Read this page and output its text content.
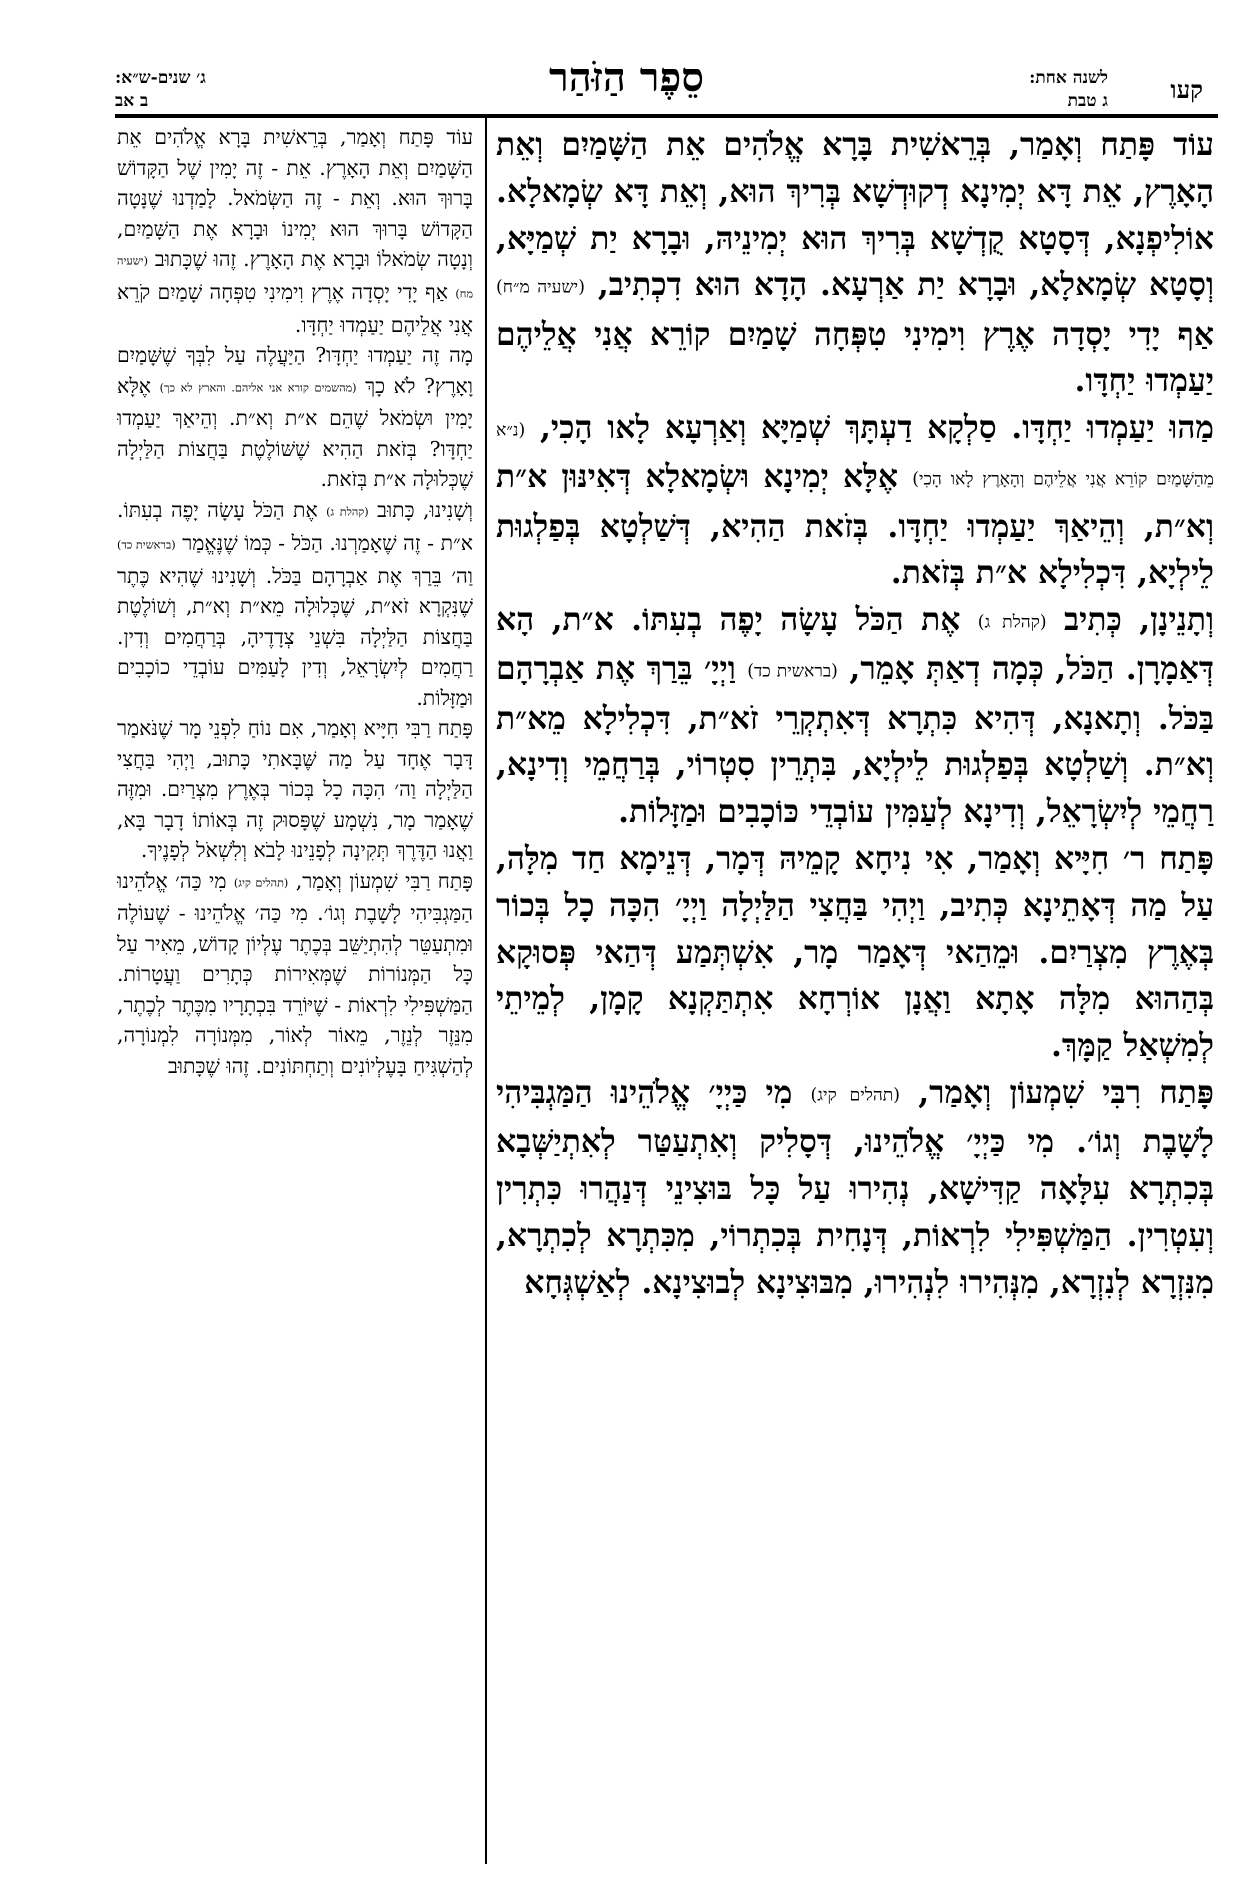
קעו
לשנה אחת:
ג טבת
סֵפֶר הַזֹּהַר
ג׳ שנים-ש״א:
ב אב

עוֹד פָּתַח וְאָמַר, בְּרֵאשִׁית בָּרָא אֱלֹהִים אֵת הַשָּׁמַיִם וְאֵת הָאָרֶץ, אֵת דָּא יְמִינָא דְקוּדְשָׁא בְּרִיךְ הוּא, וְאֵת דָּא שְׂמָאלָא. אוֹלִיפְנָא, דְּסָטָא קֻדְשָׁא בְּרִיךְ הוּא יְמִינֵיהּ, וּבָרָא יַת שְׁמַיָּא, וְסָטָא שְׂמָאלָא, וּבָרָא יַת אַרְעָא. הָדָא הוּא דִכְתִיב, (ישעיה מ״ח) אַף יָדִי יָסְדָה אֶרֶץ וִימִינִי טִפְּחָה שָׁמַיִם קוֹרֵא אֲנִי אֲלֵיהֶם יַעַמְדוּ יַחְדָּו.

מַהוּ יַעַמְדוּ יַחְדָּו. סַלְקָא דַעְתָּךְ שְׁמַיָּא וְאַרְעָא לָאו הָכִי, (נ״א מֵהַשָּׁמַיִם קוֹרֵא אֲנִי אֲלֵיהֶם וְהָאָרֶץ לָאו הָכִי) אֶלָּא יְמִינָא וּשְׂמָאלָא דְּאִינּוּן א״ת וְא״ת, וְהֵיאַךְ יַעַמְדוּ יַחְדָּו. בְּזֹאת הַהִיא, דְּשַׁלְטָא בְּפַלְגוּת לֵילְיָא, דִּכְלִילָא א״ת בְּזֹאת.

וְתָנֵינָן, כְּתִיב (קהלת ג) אֶת הַכֹּל עָשָׂה יָפֶה בְעִתּוֹ. א״ת, הָא דְּאַמָרָן. הַכֹּל, כְּמָה דְאַתְּ אָמֵר, (בראשית כד) וַיְיָ׳ בֵּרַךְ אֶת אַבְרָהָם בַּכֹּל. וְתָאנָא, דְּהִיא כִּתְרָא דְּאִתְקְרֵי זֹא״ת, דִּכְלִילָא מֵא״ת וְא״ת. וְשַׁלְטָא בְּפַלְגוּת לֵילְיָא, בִּתְרֵין סִטְרוֹי, בְּרַחֲמֵי וְדִינָא, רַחֲמֵי לְיִשְׂרָאֵל, וְדִינָא לְעַמִּין עוֹבְדֵי כּוֹכָבִים וּמַזָּלוֹת.

פָּתַח ר׳ חִיָּיא וְאָמַר, אִי נִיחָא קָמֵיהּ דְּמָר, דְּנֵימָא חַד מִלָּה, עַל מַה דְּאָתֵינָא כְּתִיב, וַיְהִי בַּחֲצִי הַלַּיְלָה וַיְיָ׳ הִכָּה כָל בְּכוֹר בְּאֶרֶץ מִצְרַיִם. וּמֵהַאי דְּאָמַר מָר, אִשְׁתְּמַע דְּהַאי פְּסוּקָא בְּהַהוּא מִלָּה אָתָא וַאֲנָן אוֹרְחָא אִתְתַּקְנָא קָמָן, לְמֵיתֵי לְמִשְׁאַל קַמָּךְ.

פָּתַח רִבִּי שִׁמְעוֹן וְאָמַר, (תהלים קיג) מִי כַּיְיָ׳ אֱלֹהֵינוּ הַמַּגְבִּיהִי לָשָׁבֶת וְגוֹ׳. מִי כַּיְיָ׳ אֱלֹהֵינוּ, דְּסָלִיק וְאִתְעַטַּר לְאִתְיַשְּׁבָא בְּכִתְרָא עִלָּאָה קַדִּישָׁא, נְהִירוּ עַל כָּל בּוּצִינֵי דְּנַהֲרוּ כִּתְרִין וְעִטְרִין. הַמַּשְׁפִּילִי לִרְאוֹת, דְּנָחִית בְּכִתְרוֹי, מִכִּתְרָא לְכִתְרָא, מִנִּזְרָא לְנִזְרָא, מִנְּהִירוּ לִנְהִירוּ, מִבּוּצִינָא לְבוּצִינָא. לְאַשְׁגְּחָא

עוֹד פָּתַח וְאָמַר, בְּרֵאשִׁית בָּרָא אֱלֹהִים אֵת הַשָּׁמַיִם וְאֵת הָאָרֶץ. אֵת - זֶה יָמִין שֶׁל הַקָּדוֹשׁ בָּרוּךְ הוּא. וְאֵת - זֶה הַשְּׂמֹאל. לָמַדְנוּ שֶׁנָּטָה הַקָּדוֹשׁ בָּרוּךְ הוּא יְמִינוֹ וּבָרָא אֶת הַשָּׁמַיִם, וְנָטָה שְׂמֹאלוֹ וּבָרָא אֶת הָאָרֶץ. זֶהוּ שֶׁכָּתוּב (ישעיה מח) אַף יָדִי יָסְדָה אֶרֶץ וִימִינִי טִפְּחָה שָׁמַיִם קֹרֵא אֲנִי אֲלֵיהֶם יַעַמְדוּ יַחְדָּו.

מָה זֶה יַעַמְדוּ יַחְדָּו? הַיַּעֲלֶה עַל לִבְּךָ שֶׁשָּׁמַיִם וָאָרֶץ? לֹא כָךְ (מהשמים קורא אני אליהם. והארץ לא כך) אֶלָּא יָמִין וּשְׂמֹאל שֶׁהֵם א״ת וְא״ת. וְהֵיאַךְ יַעַמְדוּ יַחְדָּו? בְּזֹאת הַהִיא שֶׁשּׁוֹלֶטֶת בַּחֲצוֹת הַלַּיְלָה שֶׁכְּלוּלָה א״ת בְּזֹאת.

וְשָׁנִינוּ, כָּתוּב (קהלת ג) אֶת הַכֹּל עָשָׂה יָפֶה בְעִתּוֹ. א״ת - זֶה שֶׁאָמַרְנוּ. הַכֹּל - כְּמוֹ שֶׁנֶּאֱמַר (בראשית כד) וַה׳ בֵּרַךְ אֶת אַבְרָהָם בַּכֹּל. וְשָׁנִינוּ שֶׁהִיא כֶּתֶר שֶׁנִּקְרָא זֹא״ת, שֶׁכְּלוּלָה מֵא״ת וְא״ת, וְשׁוֹלֶטֶת בַּחֲצוֹת הַלַּיְלָה בִּשְׁנֵי צְדָדֶיהָ, בְּרַחֲמִים וְדִין. רַחֲמִים לְיִשְׂרָאֵל, וְדִין לָעַמִּים עוֹבְדֵי כוֹכָבִים וּמַזָּלוֹת.

פָּתַח רַבִּי חִיָּיא וְאָמַר, אִם נוֹחַ לִפְנֵי מָר שֶׁנֹּאמַר דָּבָר אֶחָד עַל מַה שֶּׁבָּאתִי כָּתוּב, וַיְהִי בַּחֲצִי הַלַּיְלָה וַה׳ הִכָּה כָל בְּכוֹר בְּאֶרֶץ מִצְרַיִם. וּמִזֶּה שֶׁאָמַר מָר, נִשְׁמָע שֶׁפָּסוּק זֶה בְּאוֹתוֹ דָבָר בָּא, וַאֲנוּ הַדֶּרֶךְ תְּקִינָה לְפָנֵינוּ לָבֹא וְלִשְׁאֹל לְפָנֶיךָ.

פָּתַח רַבִּי שִׁמְעוֹן וְאָמַר, (תהלים קיג) מִי כַּה׳ אֱלֹהֵינוּ הַמַּגְבִּיהִי לָשָׁבֶת וְגוֹ׳. מִי כַּה׳ אֱלֹהֵינוּ - שֶׁעוֹלֶה וּמִתְעַטֵּר לְהִתְיַשֵּׁב בְּכֶתֶר עֶלְיוֹן קָדוֹשׁ, מֵאִיר עַל כָּל הַמְּנוֹרוֹת שֶׁמְּאִירוֹת כְּתָרִים וַעֲטָרוֹת. הַמַּשְׁפִּילִי לִרְאוֹת - שֶׁיּוֹרֵד בִּכְתָרָיו מִכֶּתֶר לְכֶתֶר, מִנֵּזֶר לְנֵזֶר, מֵאוֹר לְאוֹר, מִמְּנוֹרָה לִמְנוֹרָה, לְהַשְׁגִּיחַ בָּעֶלְיוֹנִים וְתַחְתּוֹנִים. זֶהוּ שֶׁכָּתוּב
